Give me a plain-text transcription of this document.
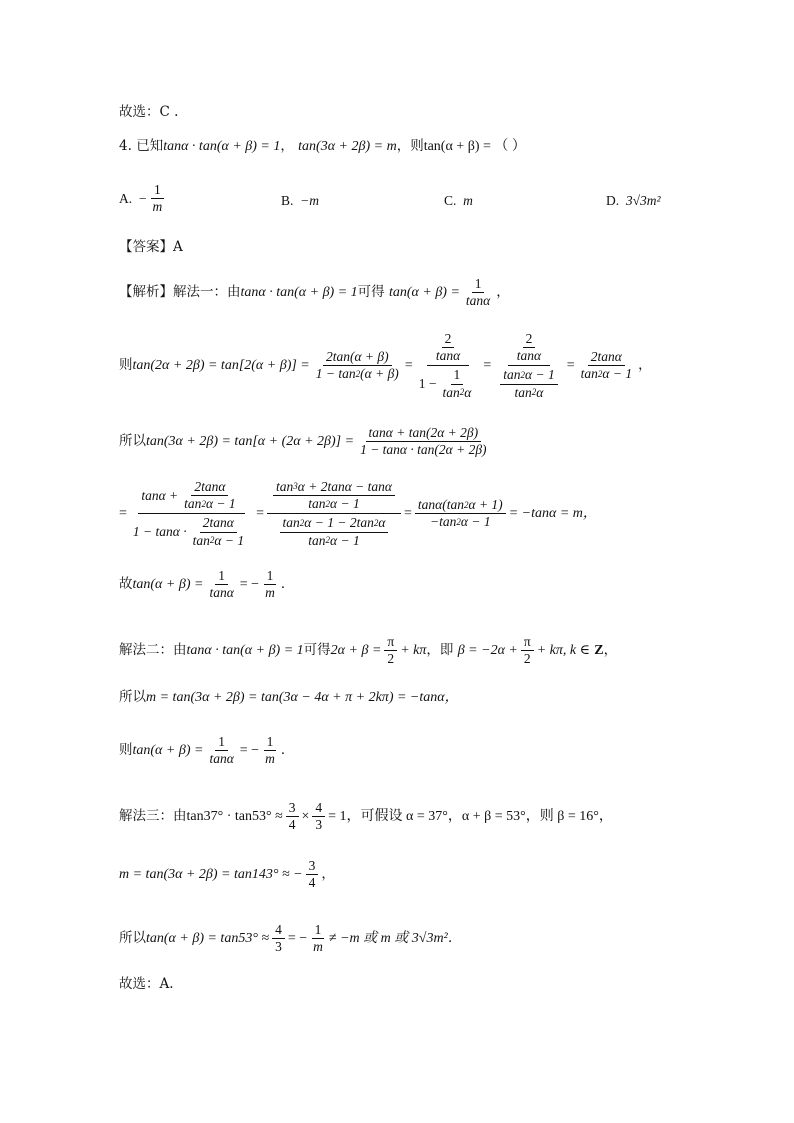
故选：C .
4.
已知 tanα · tan(α + β) = 1 ， tan(3α + 2β) = m ， 则 tan(α + β) = （ ）
A.
− $\frac{1}{m}$	B.
−m	C.
m	D.
3√3m²
【答案】A
【解析】解法一：由 tanα · tan(α + β) = 1 可得
$\tan(\alpha + \beta) = \frac{1}{\tan\alpha}$ ，
则 $\tan(2\alpha + 2\beta) = \tan[2(\alpha + \beta)] = \frac{2\tan(\alpha + \beta)}{1 - \tan 2 (\alpha + \beta)} = \frac{\frac{2}{\tan\alpha}}{1 - \frac{1}{\tan 2 \alpha}} = \frac{\frac{2}{\tan\alpha}}{\frac{\tan 2 \alpha - 1}{\tan 2 \alpha}} = \frac{2\tan\alpha}{\tan 2 \alpha - 1}$ ，
所以 $\tan(3\alpha + 2\beta) = \tan[\alpha + (2\alpha + 2\beta)] = \frac{\tan\alpha + \tan(2\alpha + 2\beta)}{1 - \tan\alpha \cdot \tan(2\alpha + 2\beta)}$
= $\frac{\tan\alpha + \frac{2\tan\alpha}{\tan 2 \alpha - 1}}{1 - \tan\alpha \cdot \frac{2\tan\alpha}{\tan 2 \alpha - 1}} = \frac{\frac{\tan 3 \alpha + 2\tan\alpha - \tan\alpha}{\tan 2 \alpha - 1}}{\frac{\tan 2 \alpha - 1 - 2\tan 2 \alpha}{\tan 2 \alpha - 1}} = \frac{\tan\alpha(\tan 2 \alpha + 1)}{-\tan 2 \alpha - 1} = -\tan\alpha = m$，
故 $\tan(\alpha + \beta) = \frac{1}{\tan\alpha}$ = − $\frac{1}{m}$ ．
解法二：由 tanα · tan(α + β) = 1 可得 $2\alpha + \beta = \frac{\pi}{2} + k\pi$ ，即
$\beta = -2\alpha + \frac{\pi}{2} + k\pi$, k ∈
Z ，
所以 m = tan(3α + 2β) = tan(3α − 4α + π + 2kπ) = −tanα，
则 $\tan(\alpha + \beta) = \frac{1}{\tan\alpha}$ = − $\frac{1}{m}$ ．
解法三：由 $\tan 37^\circ \cdot \tan 53^\circ \approx \frac{3}{4} \times \frac{4}{3} = 1$，可假设 α = 37°，α + β = 53°，则 β = 16°，
m = tan(3α + 2β) = tan143° ≈ − $\frac{3}{4}$ ，
所以 $\tan(\alpha + \beta) = \tan 53^\circ \approx \frac{4}{3}$ = − $\frac{1}{m} \ne -m$ 或 m 或 3√3m²．
故选：A.
